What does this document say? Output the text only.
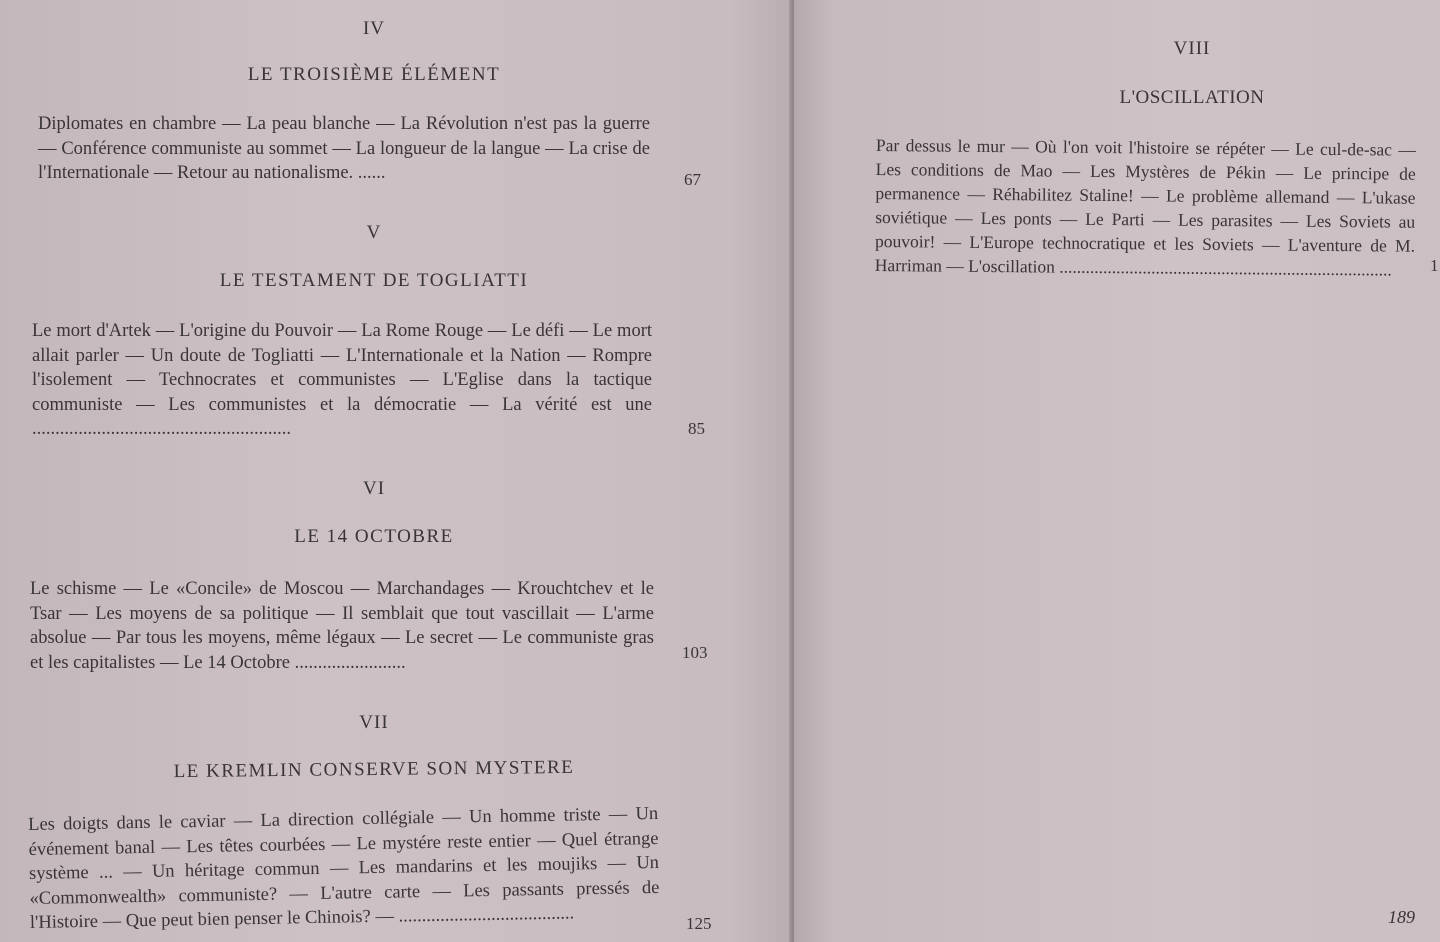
IV
LE TROISIÈME ÉLÉMENT

Diplomates en chambre — La peau blanche — La Révolution n'est pas la guerre — Conférence communiste au sommet — La longueur de la langue — La crise de l'Internationale — Retour au nationalisme. ......	67
V
LE TESTAMENT DE TOGLIATTI

Le mort d'Artek — L'origine du Pouvoir — La Rome Rouge — Le défi — Le mort allait parler — Un doute de Togliatti — L'Internationale et la Nation — Rompre l'isolement — Technocrates et communistes — L'Eglise dans la tactique communiste — Les communistes et la démocratie — La vérité est une ........................................................	85
VI
LE 14 OCTOBRE

Le schisme — Le «Concile» de Moscou — Marchandages — Krouchtchev et le Tsar — Les moyens de sa politique — Il semblait que tout vascillait — L'arme absolue — Par tous les moyens, même légaux — Le secret — Le communiste gras et les capitalistes — Le 14 Octobre ........................	103
VII
LE KREMLIN CONSERVE SON MYSTERE

Les doigts dans le caviar — La direction collégiale — Un homme triste — Un événement banal — Les têtes courbées — Le mystére reste entier — Quel étrange système ... — Un héritage commun — Les mandarins et les moujiks — Un «Commonwealth» communiste? — L'autre carte — Les passants pressés de l'Histoire — Que peut bien penser le Chinois? — ......................................	125
VIII
L'OSCILLATION

Par dessus le mur — Où l'on voit l'histoire se répéter — Le cul-de-sac — Les conditions de Mao — Les Mystères de Pékin — Le principe de permanence — Réhabilitez Staline! — Le problème allemand — L'ukase soviétique — Les ponts — Le Parti — Les parasites — Les Soviets au pouvoir! — L'Europe technocratique et les Soviets — L'aventure de M. Harriman — L'oscillation ............................................................................	1
189
